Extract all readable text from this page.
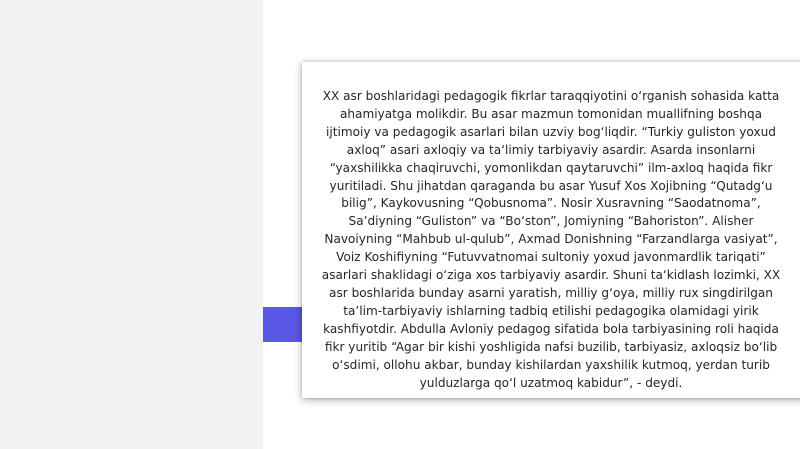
XX asr boshlaridagi pedagogik fikrlar taraqqiyotini o‘rganish sohasida katta ahamiyatga molikdir. Bu asar mazmun tomonidan muallifning boshqa ijtimoiy va pedagogik asarlari bilan uzviy bog‘liqdir. “Turkiy guliston yoxud axloq” asari axloqiy va ta‘limiy tarbiyaviy asardir. Asarda insonlarni “yaxshilikka chaqiruvchi, yomonlikdan qaytaruvchi” ilm-axloq haqida fikr yuritiladi. Shu jihatdan qaraganda bu asar Yusuf Xos Xojibning “Qutadg‘u bilig”, Kaykovusning “Qobusnoma”. Nosir Xusravning “Saodatnoma”, Sa’diyning “Guliston” va “Bo‘ston”, Jomiyning “Bahoriston”. Alisher Navoiyning “Mahbub ul-qulub”, Axmad Donishning “Farzandlarga vasiyat”, Voiz Koshifiyning “Futuvvatnomai sultoniy yoxud javonmardlik tariqati” asarlari shaklidagi o‘ziga xos tarbiyaviy asardir. Shuni ta‘kidlash lozimki, XX asr boshlarida bunday asarni yaratish, milliy g‘oya, milliy rux singdirilgan ta’lim-tarbiyaviy ishlarning tadbiq etilishi pedagogika olamidagi yirik kashfiyotdir. Abdulla Avloniy pedagog sifatida bola tarbiyasining roli haqida fikr yuritib “Agar bir kishi yoshligida nafsi buzilib, tarbiyasiz, axloqsiz bo‘lib o‘sdimi, ollohu akbar, bunday kishilardan yaxshilik kutmoq, yerdan turib yulduzlarga qo‘l uzatmoq kabidur”, - deydi.
